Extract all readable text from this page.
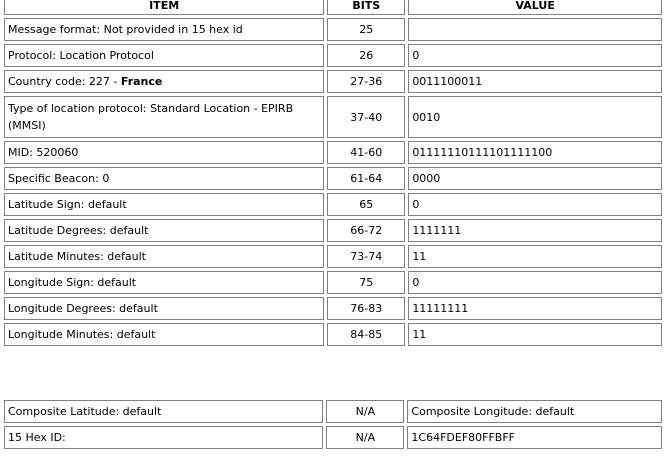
ITEM	BITS	VALUE
Message format: Not provided in 15 hex id	25	
Protocol: Location Protocol	26	0
Country code: 227 - France	27-36	0011100011
Type of location protocol: Standard Location - EPIRB (MMSI)	37-40	0010
MID: 520060	41-60	01111110111101111100
Specific Beacon: 0	61-64	0000
Latitude Sign: default	65	0
Latitude Degrees: default	66-72	1111111
Latitude Minutes: default	73-74	11
Longitude Sign: default	75	0
Longitude Degrees: default	76-83	11111111
Longitude Minutes: default	84-85	11
Composite Latitude: default	N/A	Composite Longitude: default
15 Hex ID:	N/A	1C64FDEF80FFBFF
